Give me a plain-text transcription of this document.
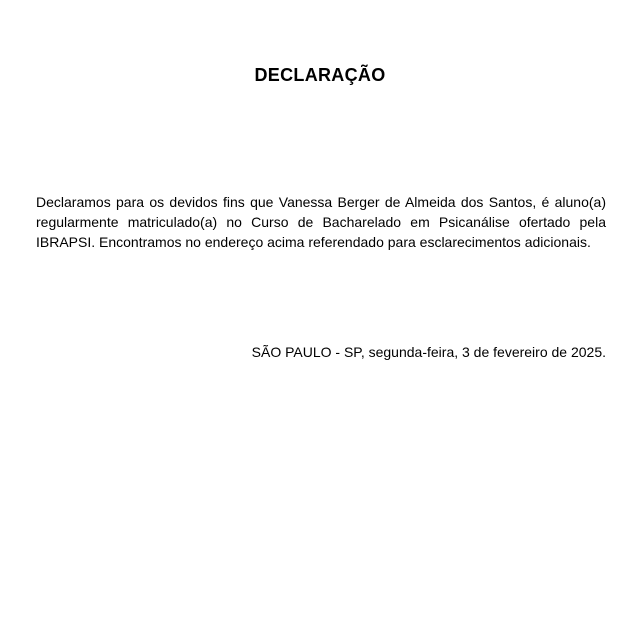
DECLARAÇÃO
Declaramos para os devidos fins que Vanessa Berger de Almeida dos Santos, é aluno(a)
regularmente matriculado(a) no Curso de Bacharelado em Psicanálise ofertado pela
IBRAPSI. Encontramos no endereço acima referendado para esclarecimentos adicionais.

SÃO PAULO - SP, segunda-feira, 3 de fevereiro de 2025.
